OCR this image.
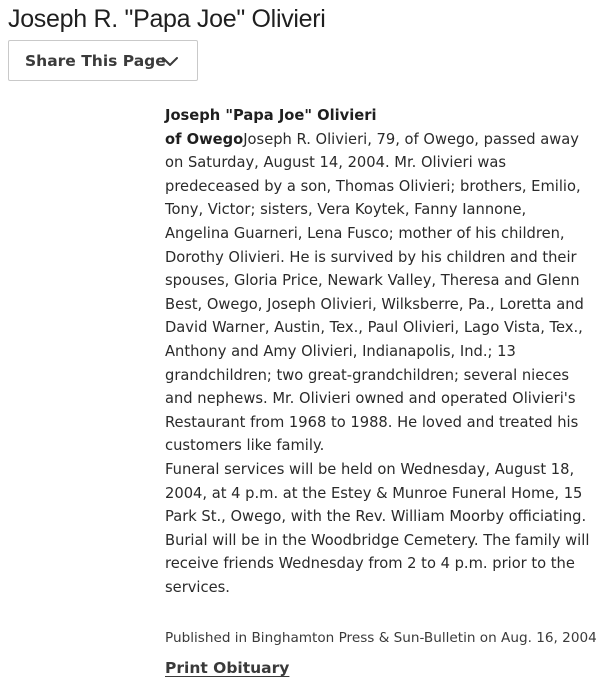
Joseph R. "Papa Joe" Olivieri
Share This Page

Joseph "Papa Joe" Olivieri
of OwegoJoseph R. Olivieri, 79, of Owego, passed away on Saturday, August 14, 2004. Mr. Olivieri was predeceased by a son, Thomas Olivieri; brothers, Emilio, Tony, Victor; sisters, Vera Koytek, Fanny Iannone, Angelina Guarneri, Lena Fusco; mother of his children, Dorothy Olivieri. He is survived by his children and their spouses, Gloria Price, Newark Valley, Theresa and Glenn Best, Owego, Joseph Olivieri, Wilksberre, Pa., Loretta and David Warner, Austin, Tex., Paul Olivieri, Lago Vista, Tex., Anthony and Amy Olivieri, Indianapolis, Ind.; 13 grandchildren; two great-grandchildren; several nieces and nephews. Mr. Olivieri owned and operated Olivieri's Restaurant from 1968 to 1988. He loved and treated his customers like family.

Funeral services will be held on Wednesday, August 18, 2004, at 4 p.m. at the Estey & Munroe Funeral Home, 15 Park St., Owego, with the Rev. William Moorby officiating. Burial will be in the Woodbridge Cemetery. The family will receive friends Wednesday from 2 to 4 p.m. prior to the services.

Published in Binghamton Press & Sun-Bulletin on Aug. 16, 2004
Print Obituary
